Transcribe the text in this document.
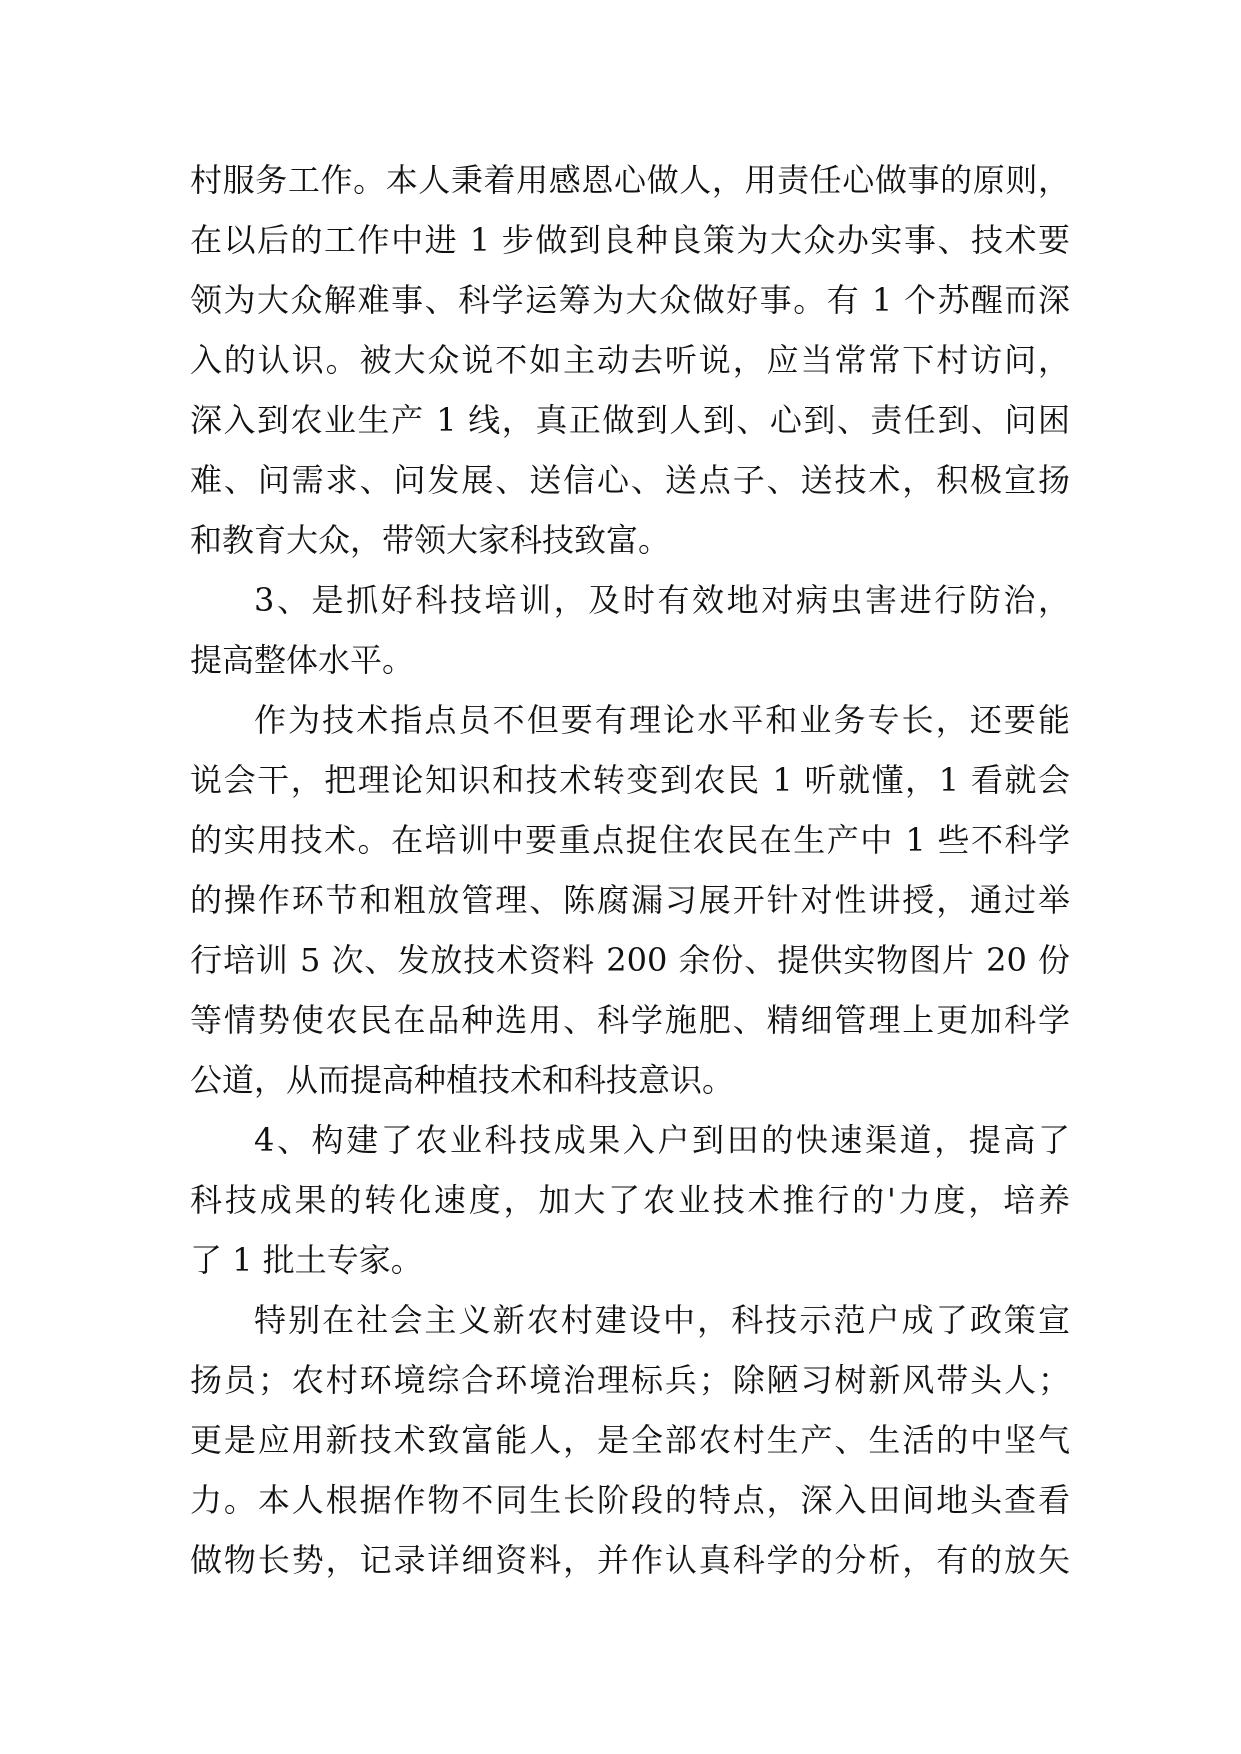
村服务工作。本人秉着用感恩心做人，用责任心做事的原则，
在以后的工作中进 1 步做到良种良策为大众办实事、技术要
领为大众解难事、科学运筹为大众做好事。有 1 个苏醒而深
入的认识。被大众说不如主动去听说，应当常常下村访问，
深入到农业生产 1 线，真正做到人到、心到、责任到、问困
难、问需求、问发展、送信心、送点子、送技术，积极宣扬
和教育大众，带领大家科技致富。
3、是抓好科技培训，及时有效地对病虫害进行防治，
提高整体水平。
作为技术指点员不但要有理论水平和业务专长，还要能
说会干，把理论知识和技术转变到农民 1 听就懂，1 看就会
的实用技术。在培训中要重点捉住农民在生产中 1 些不科学
的操作环节和粗放管理、陈腐漏习展开针对性讲授，通过举
行培训 5 次、发放技术资料 200 余份、提供实物图片 20 份
等情势使农民在品种选用、科学施肥、精细管理上更加科学
公道，从而提高种植技术和科技意识。
4、构建了农业科技成果入户到田的快速渠道，提高了
科技成果的转化速度，加大了农业技术推行的'力度，培养
了 1 批土专家。
特别在社会主义新农村建设中，科技示范户成了政策宣
扬员；农村环境综合环境治理标兵；除陋习树新风带头人；
更是应用新技术致富能人，是全部农村生产、生活的中坚气
力。本人根据作物不同生长阶段的特点，深入田间地头查看
做物长势，记录详细资料，并作认真科学的分析，有的放矢
